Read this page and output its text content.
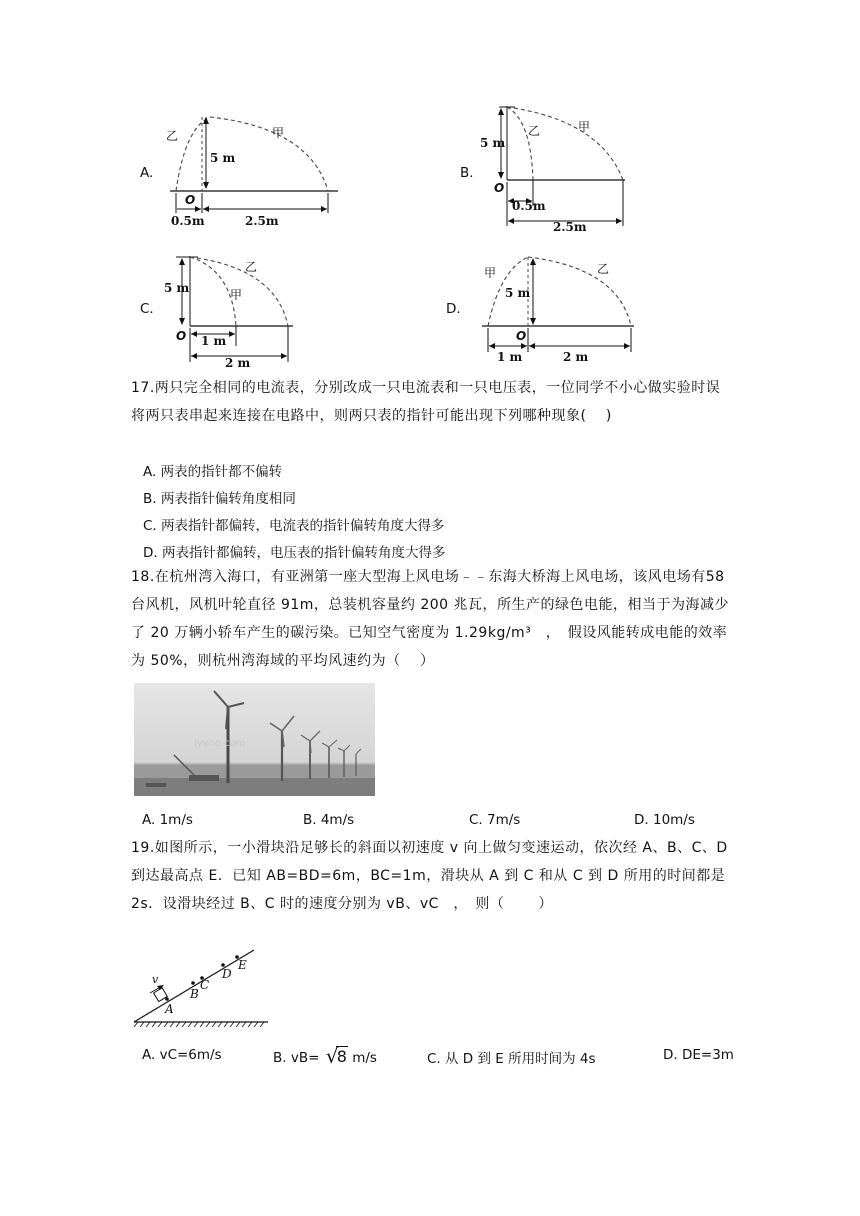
A.
乙	甲
5 m
O
0.5m	2.5m
B.
5 m
乙	甲
O
0.5m
2.5m
C.
5 m	甲
乙
O 1 m
2 m
D.
甲	乙
5 m
O
1 m	2 m
17.两只完全相同的电流表，分别改成一只电流表和一只电压表，一位同学不小心做实验时误将两只表串起来连接在电路中，则两只表的指针可能出现下列哪种现象(　 )
A. 两表的指针都不偏转
B. 两表指针偏转角度相同
C. 两表指针都偏转，电流表的指针偏转角度大得多
D. 两表指针都偏转，电压表的指针偏转角度大得多
18.在杭州湾入海口，有亚洲第一座大型海上风电场﹣﹣东海大桥海上风电场，该风电场有58 台风机，风机叶轮直径 91m，总装机容量约 200 兆瓦，所生产的绿色电能，相当于为海减少了 20 万辆小轿车产生的碳污染。已知空气密度为 1.29kg/m³　，　假设风能转成电能的效率为 50%，则杭州湾海域的平均风速约为（　 ）
lyyoo.com
A. 1m/s	B. 4m/s	C. 7m/s	D. 10m/s
19.如图所示，一小滑块沿足够长的斜面以初速度 v 向上做匀变速运动，依次经 A、B、C、D 到达最高点 E．已知 AB=BD=6m，BC=1m，滑块从 A 到 C 和从 C 到 D 所用的时间都是 2s．设滑块经过 B、C 时的速度分别为 vB、vC　，　则（　　 ）
v
A
B
C
D
E
A. vC=6m/s	B. vB= √
8 m/s	C. 从 D 到 E 所用时间为 4s	D. DE=3m
